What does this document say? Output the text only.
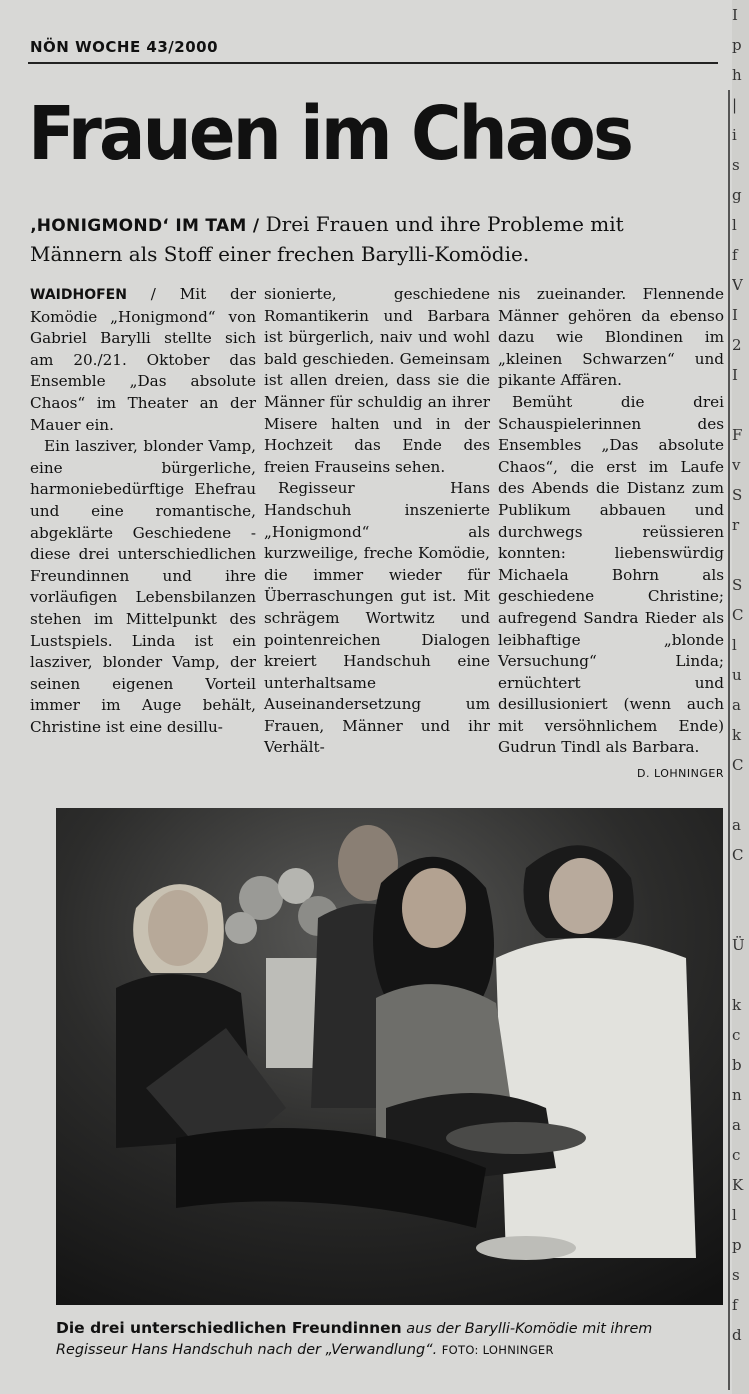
NÖN WOCHE 43/2000
Frauen im Chaos
‚HONIGMOND‘ IM TAM / Drei Frauen und ihre Probleme mit Männern als Stoff einer frechen Barylli-Komödie.

WAIDHOFEN / Mit der Komödie „Honigmond“ von Gabriel Barylli stellte sich am 20./21. Oktober das Ensemble „Das absolute Chaos“ im Theater an der Mauer ein.

Ein lasziver, blonder Vamp, eine bürgerliche, harmoniebedürftige Ehefrau und eine romantische, abgeklärte Geschiedene - diese drei unterschiedlichen Freundinnen und ihre vorläufigen Lebensbilanzen stehen im Mittelpunkt des Lustspiels. Linda ist ein lasziver, blonder Vamp, der seinen eigenen Vorteil immer im Auge behält, Christine ist eine desillu-

sionierte, geschiedene Romantikerin und Barbara ist bürgerlich, naiv und wohl bald geschieden. Gemeinsam ist allen dreien, dass sie die Männer für schuldig an ihrer Misere halten und in der Hochzeit das Ende des freien Frauseins sehen.

Regisseur Hans Handschuh inszenierte „Honigmond“ als kurzweilige, freche Komödie, die immer wieder für Überraschungen gut ist. Mit schrägem Wortwitz und pointenreichen Dialogen kreiert Handschuh eine unterhaltsame Auseinandersetzung um Frauen, Männer und ihr Verhält-

nis zueinander. Flennende Männer gehören da ebenso dazu wie Blondinen im „kleinen Schwarzen“ und pikante Affären.

Bemüht die drei Schauspielerinnen des Ensembles „Das absolute Chaos“, die erst im Laufe des Abends die Distanz zum Publikum abbauen und durchwegs reüssieren konnten: liebenswürdig Michaela Bohrn als geschiedene Christine; aufregend Sandra Rieder als leibhaftige „blonde Versuchung“ Linda; ernüchtert und desillusioniert (wenn auch mit versöhnlichem Ende) Gudrun Tindl als Barbara.
D. LOHNINGER

Die drei unterschiedlichen Freundinnen aus der Barylli-Komödie mit ihrem Regisseur Hans Handschuh nach der „Verwandlung“. FOTO: LOHNINGER
I
p
h
|
i
s
g
l
f
V
I
2
I

F
v
S
r

S
C
l
u
a
k
C

a
C

Ü

k
c
b
n
a
c
K
l
p
s
f
d
